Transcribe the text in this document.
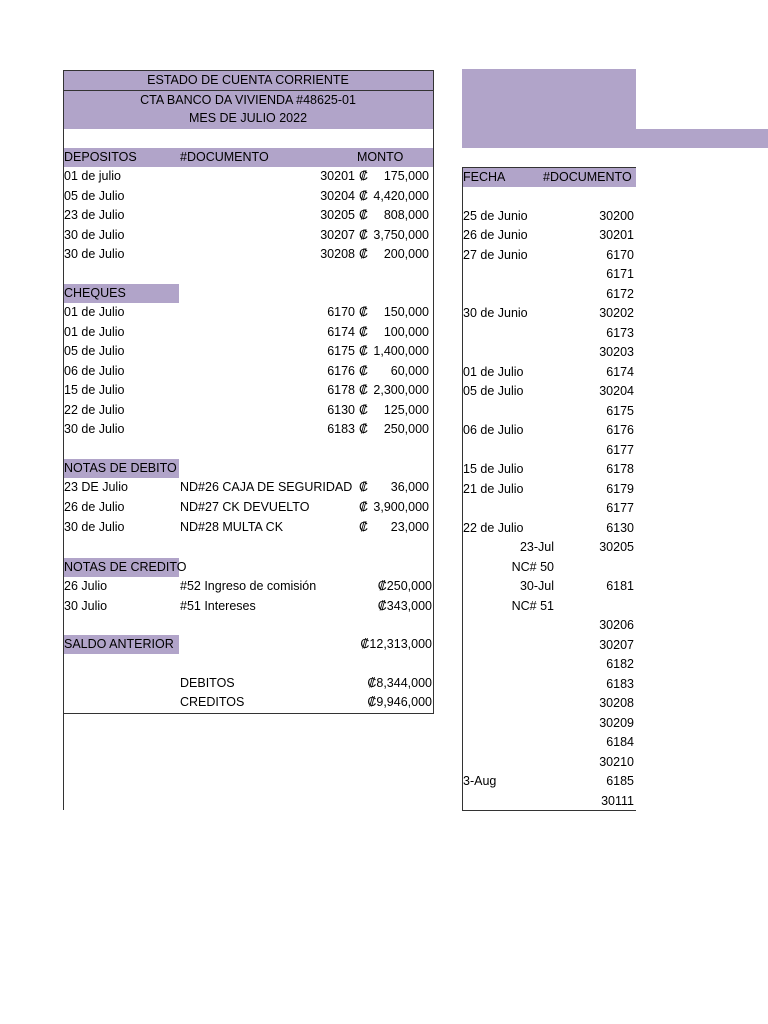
ESTADO DE CUENTA CORRIENTE
CTA BANCO DA VIVIENDA #48625-01
MES DE JULIO 2022
DEPOSITOS	#DOCUMENTO	MONTO
01 de julio	30201 ₡	175,000
05 de Julio	30204 ₡ 4,420,000
23 de Julio	30205 ₡	808,000
30 de Julio	30207 ₡ 3,750,000
30 de Julio	30208 ₡	200,000
CHEQUES
01 de Julio	6170 ₡	150,000
01 de Julio	6174 ₡	100,000
05 de Julio	6175 ₡ 1,400,000
06 de Julio	6176 ₡	60,000
15 de Julio	6178 ₡ 2,300,000
22 de Julio	6130 ₡	125,000
30 de Julio	6183 ₡	250,000
NOTAS DE DEBITO
23 DE Julio	ND#26 CAJA DE SEGURIDAD ₡	36,000
26 de Julio	ND#27 CK DEVUELTO	₡ 3,900,000
30 de Julio	ND#28 MULTA CK	₡	23,000
NOTAS DE CREDITO
26 Julio	#52 Ingreso de comisión	₡250,000
30 Julio	#51 Intereses	₡343,000
SALDO ANTERIOR	₡12,313,000
DEBITOS	₡8,344,000
CREDITOS	₡9,946,000
FECHA	#DOCUMENTO
25 de Junio	30200
26 de Junio	30201
27 de Junio	6170
6171
6172
30 de Junio	30202
6173
30203
01 de Julio	6174
05 de Julio	30204
6175
06 de Julio	6176
6177
15 de Julio	6178
21 de Julio	6179
6177
22 de Julio	6130
23-Jul	30205
NC# 50
30-Jul	6181
NC# 51
30206
30207
6182
6183
30208
30209
6184
30210
3-Aug	6185
30111
